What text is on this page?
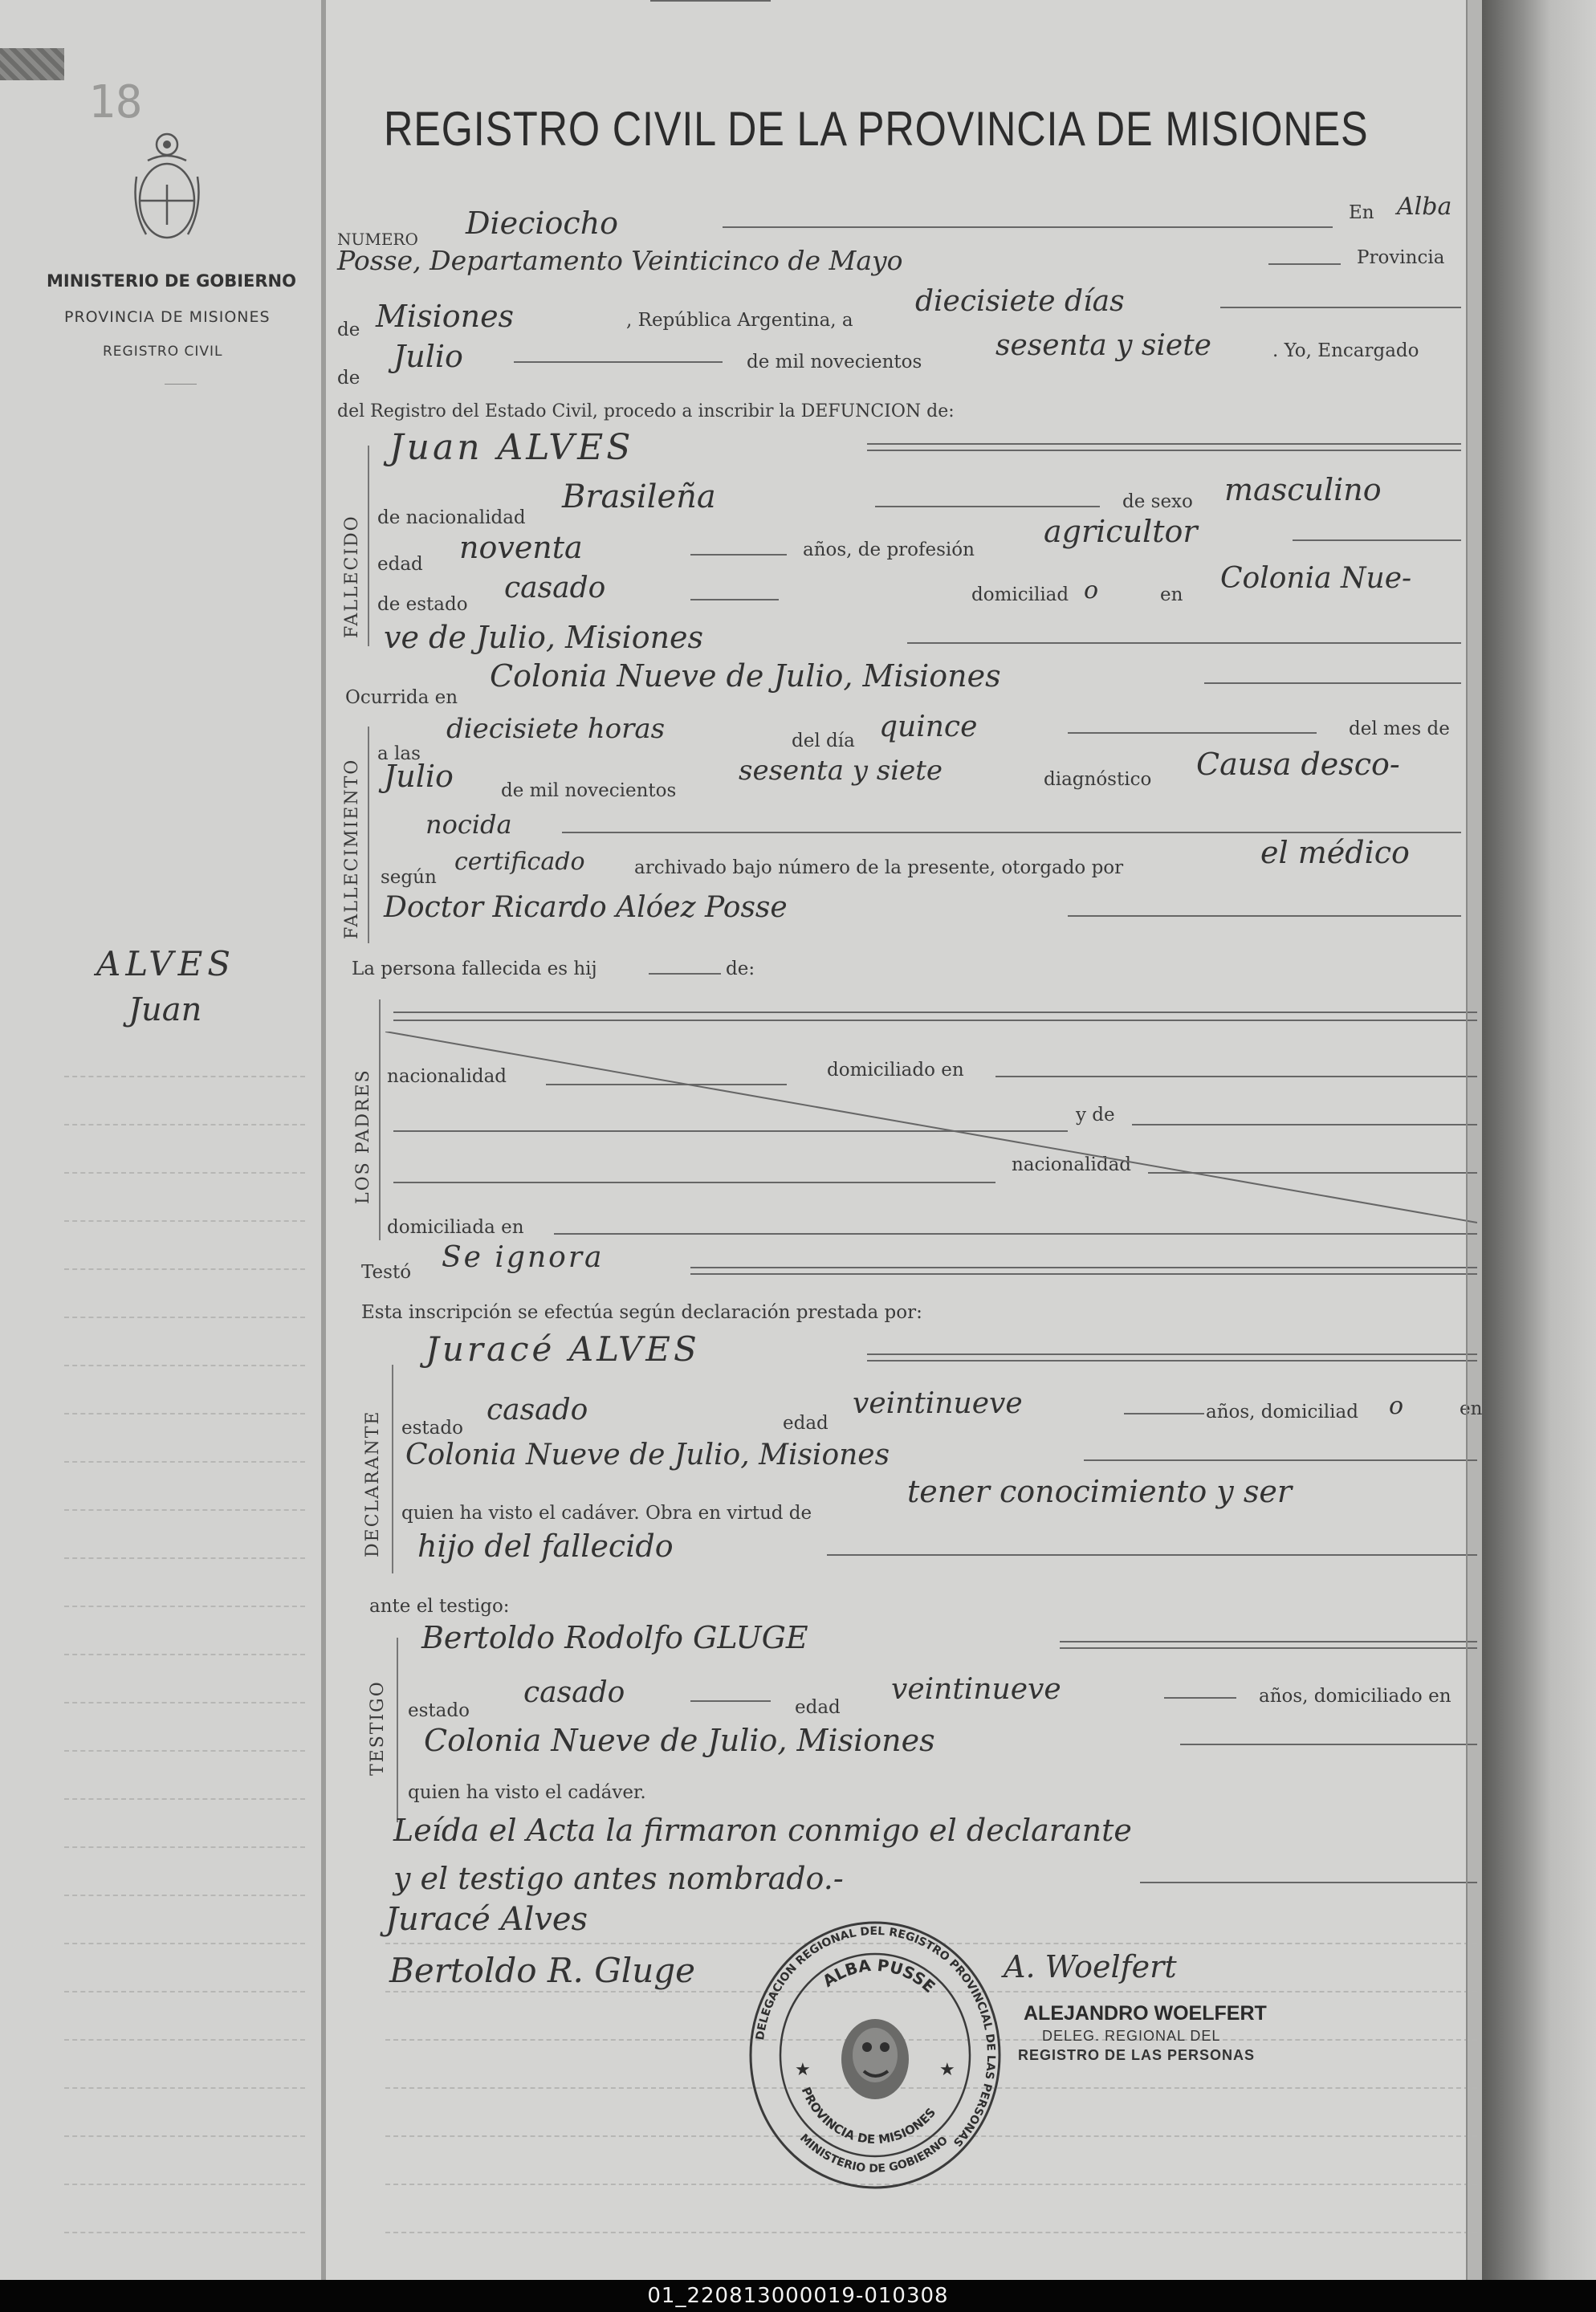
18
MINISTERIO DE GOBIERNO
PROVINCIA DE MISIONES
REGISTRO CIVIL
ALVES
Juan
REGISTRO CIVIL DE LA PROVINCIA DE MISIONES
NUMERO Dieciocho	En Alba
Posse, Departamento Veinticinco de Mayo	Provincia
de Misiones	, República Argentina, a
diecisiete días
de
Julio	de mil novecientos	sesenta y siete	. Yo, Encargado
del Registro del Estado Civil, procedo a inscribir la DEFUNCION de:
FALLECIDO
Juan ALVES
de nacionalidad
Brasileña	de sexo masculino
edad noventa	años, de profesión
agricultor
de estado casado	domiciliad o	en Colonia Nue-
ve de Julio, Misiones
Ocurrida en
Colonia Nueve de Julio, Misiones
FALLECIMIENTO
a las
diecisiete horas	del día quince	del mes de
Julio	de mil novecientos
sesenta y siete	diagnóstico Causa desco-
nocida
según
certificado	archivado bajo número de la presente, otorgado por	el médico
Doctor Ricardo Alóez Posse
La persona fallecida es hij	de:
LOS PADRES nacionalidad	domiciliado en
y de
nacionalidad
domiciliada en
Testó Se ignora
Esta inscripción se efectúa según declaración prestada por:
DECLARANTE
Juracé ALVES
estado
casado	edad
veintinueve	años, domiciliad o	en
Colonia Nueve de Julio, Misiones
quien ha visto el cadáver. Obra en virtud de
tener conocimiento y ser
hijo del fallecido
ante el testigo:
TESTIGO
Bertoldo Rodolfo GLUGE
estado
casado	edad
veintinueve	años, domiciliado en
Colonia Nueve de Julio, Misiones
quien ha visto el cadáver.
Leída el Acta la firmaron conmigo el declarante
y el testigo antes nombrado.-
Juracé Alves
Bertoldo R. Gluge	A. Woelfert
ALEJANDRO WOELFERT
DELEG. REGIONAL DEL
REGISTRO DE LAS PERSONAS
DELEGACION REGIONAL DEL REGISTRO PROVINCIAL DE LAS PERSONAS
ALBA PUSSE
PROVINCIA DE MISIONES
MINISTERIO DE GOBIERNO
★	★
01_220813000019-010308
